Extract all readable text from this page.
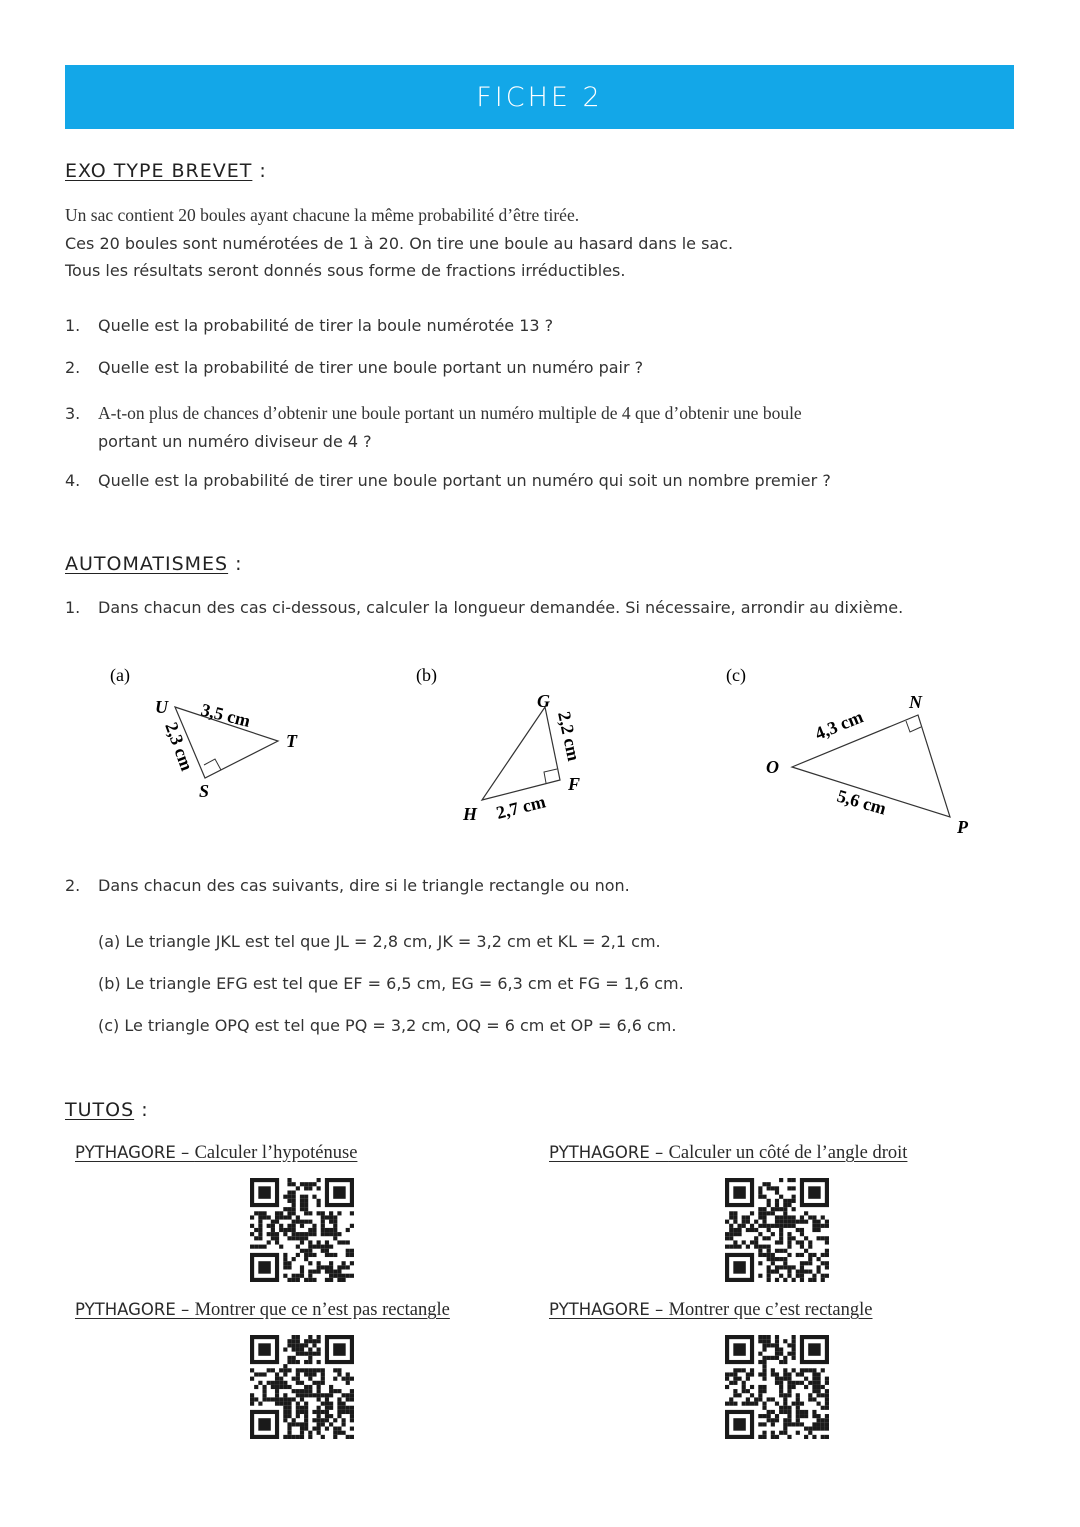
FICHE 2
EXO TYPE BREVET :
Un sac contient 20 boules ayant chacune la même probabilité d’être tirée.
Ces 20 boules sont numérotées de 1 à 20. On tire une boule au hasard dans le sac.
Tous les résultats seront donnés sous forme de fractions irréductibles.
1. Quelle est la probabilité de tirer la boule numérotée 13 ?
2. Quelle est la probabilité de tirer une boule portant un numéro pair ?
3. A-t-on plus de chances d’obtenir une boule portant un numéro multiple de 4 que d’obtenir une boule
portant un numéro diviseur de 4 ?
4. Quelle est la probabilité de tirer une boule portant un numéro qui soit un nombre premier ?
AUTOMATISMES :
1. Dans chacun des cas ci-dessous, calculer la longueur demandée. Si nécessaire, arrondir au dixième.
(a)
U
T
S
3,5 cm
2,3 cm
(b)
G
F
H
2,2 cm
2,7 cm
(c)
O
N
P
4,3 cm
5,6 cm
2. Dans chacun des cas suivants, dire si le triangle rectangle ou non.
(a) Le triangle JKL est tel que JL = 2,8 cm, JK = 3,2 cm et KL = 2,1 cm.
(b) Le triangle EFG est tel que EF = 6,5 cm, EG = 6,3 cm et FG = 1,6 cm.
(c) Le triangle OPQ est tel que PQ = 3,2 cm, OQ = 6 cm et OP = 6,6 cm.
TUTOS :
PYTHAGORE – Calculer l’hypoténuse	PYTHAGORE – Calculer un côté de l’angle droit
PYTHAGORE – Montrer que ce n’est pas rectangle	PYTHAGORE – Montrer que c’est rectangle
